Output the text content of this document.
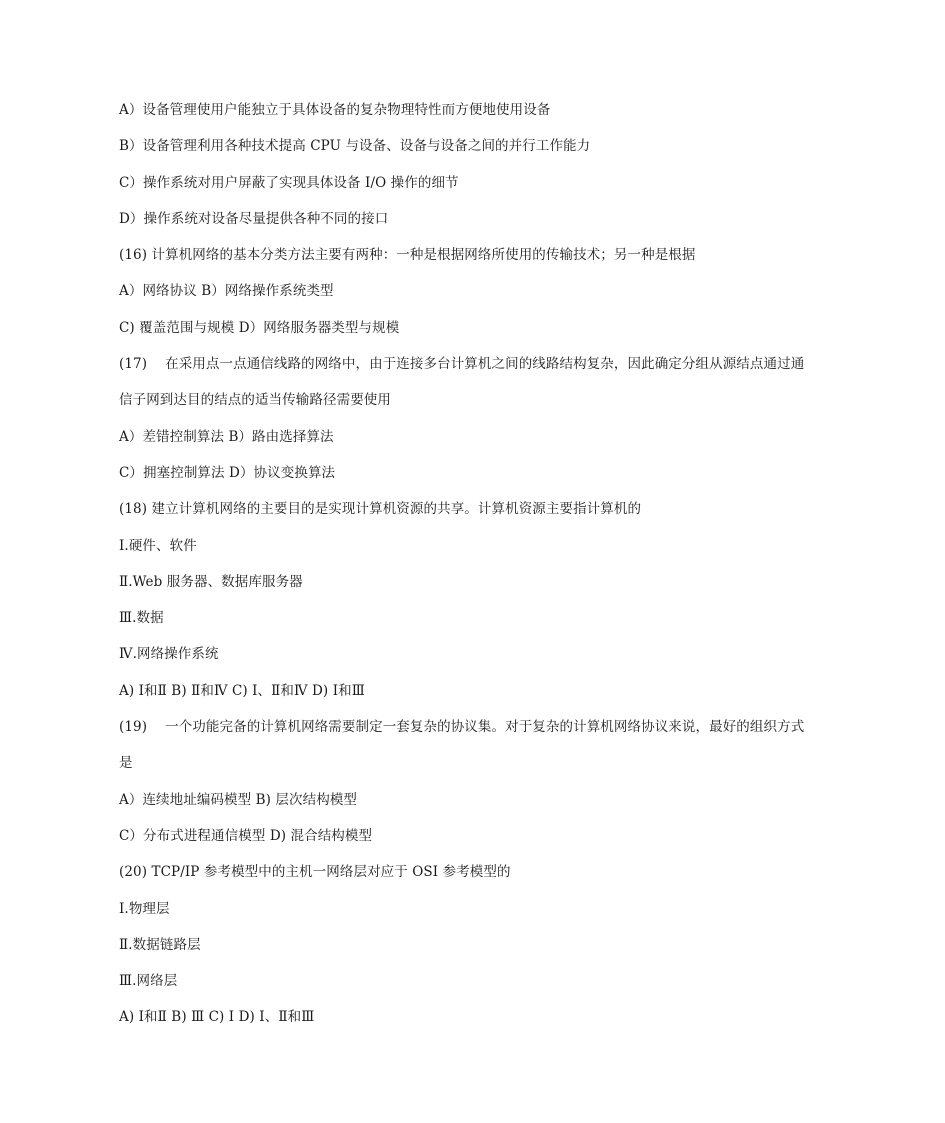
A）设备管理使用户能独立于具体设备的复杂物理特性而方便地使用设备
B）设备管理利用各种技术提高 CPU 与设备、设备与设备之间的并行工作能力
C）操作系统对用户屏蔽了实现具体设备 I/O 操作的细节
D）操作系统对设备尽量提供各种不同的接口
(16) 计算机网络的基本分类方法主要有两种：一种是根据网络所使用的传输技术；另一种是根据
A）网络协议 B）网络操作系统类型
C) 覆盖范围与规模 D）网络服务器类型与规模
(17)　 在采用点一点通信线路的网络中，由于连接多台计算机之间的线路结构复杂，因此确定分组从源结点通过通
信子网到达目的结点的适当传输路径需要使用
A）差错控制算法 B）路由选择算法
C）拥塞控制算法 D）协议变换算法
(18) 建立计算机网络的主要目的是实现计算机资源的共享。计算机资源主要指计算机的
Ⅰ.硬件、软件
Ⅱ.Web 服务器、数据库服务器
Ⅲ.数据
Ⅳ.网络操作系统
A) Ⅰ和Ⅱ B) Ⅱ和Ⅳ C) Ⅰ、Ⅱ和Ⅳ D) Ⅰ和Ⅲ
(19)　 一个功能完备的计算机网络需要制定一套复杂的协议集。对于复杂的计算机网络协议来说，最好的组织方式
是
A）连续地址编码模型 B) 层次结构模型
C）分布式进程通信模型 D) 混合结构模型
(20) TCP/IP 参考模型中的主机一网络层对应于 OSI 参考模型的
Ⅰ.物理层
Ⅱ.数据链路层
Ⅲ.网络层
A) Ⅰ和Ⅱ B) Ⅲ C) Ⅰ D) Ⅰ、Ⅱ和Ⅲ
